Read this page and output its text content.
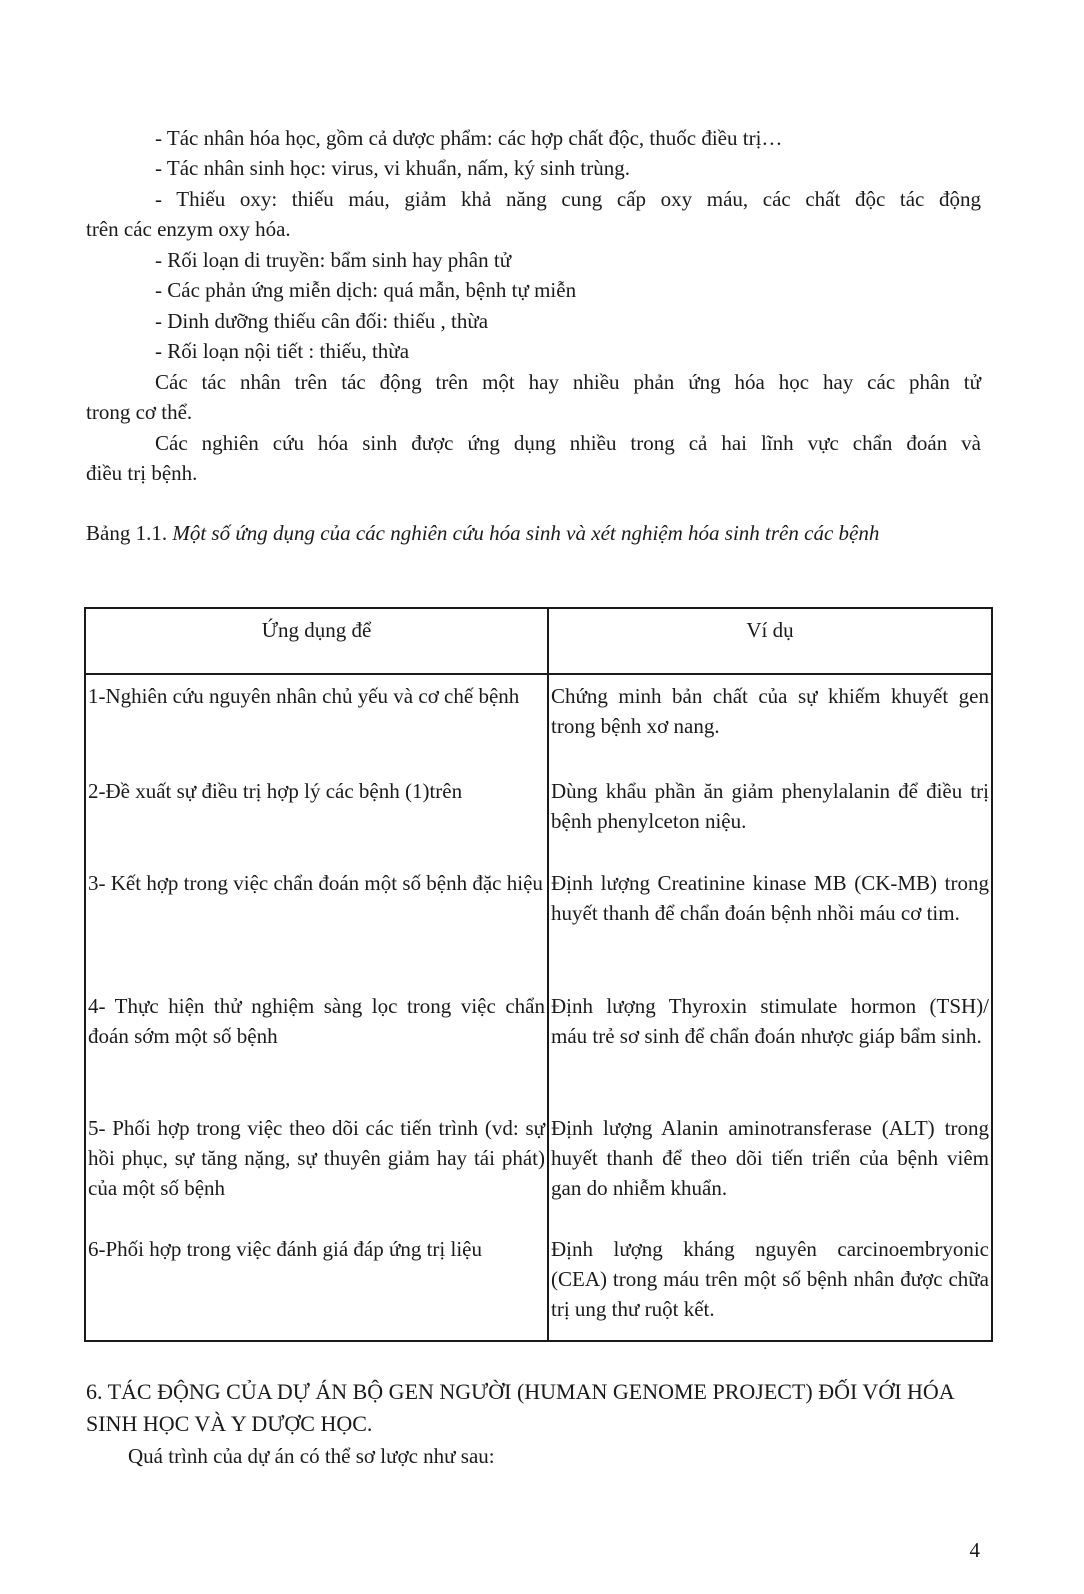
- Tác nhân hóa học, gồm cả dược phẩm: các hợp chất độc, thuốc điều trị…
- Tác nhân sinh học: virus, vi khuẩn, nấm, ký sinh trùng.
- Thiếu oxy: thiếu máu, giảm khả năng cung cấp oxy máu, các chất độc tác động
trên các enzym oxy hóa.
- Rối loạn di truyền: bẩm sinh hay phân tử
- Các phản ứng miễn dịch: quá mẫn, bệnh tự miễn
- Dinh dưỡng thiếu cân đối: thiếu , thừa
- Rối loạn nội tiết : thiếu, thừa
Các tác nhân trên tác động trên một hay nhiều phản ứng hóa học hay các phân tử
trong cơ thể.
Các nghiên cứu hóa sinh được ứng dụng nhiều trong cả hai lĩnh vực chẩn đoán và
điều trị bệnh.
Bảng 1.1. Một số ứng dụng của các nghiên cứu hóa sinh và xét nghiệm hóa sinh trên các bệnh
Ứng dụng để	Ví dụ
1-Nghiên cứu nguyên nhân chủ yếu và cơ chế bệnh	Chứng minh bản chất của sự khiếm khuyết gen trong bệnh xơ nang.
2-Đề xuất sự điều trị hợp lý các bệnh (1)trên	Dùng khẩu phần ăn giảm phenylalanin để điều trị bệnh phenylceton niệu.
3- Kết hợp trong việc chẩn đoán một số bệnh đặc hiệu	Định lượng Creatinine kinase MB (CK-MB) trong huyết thanh để chẩn đoán bệnh nhồi máu cơ tim.
4- Thực hiện thử nghiệm sàng lọc trong việc chẩn đoán sớm một số bệnh	Định lượng Thyroxin stimulate hormon (TSH)/ máu trẻ sơ sinh để chẩn đoán nhược giáp bẩm sinh.
5- Phối hợp trong việc theo dõi các tiến trình (vd: sự hồi phục, sự tăng nặng, sự thuyên giảm hay tái phát) của một số bệnh	Định lượng Alanin aminotransferase (ALT) trong huyết thanh để theo dõi tiến triển của bệnh viêm gan do nhiễm khuẩn.
6-Phối hợp trong việc đánh giá đáp ứng trị liệu	Định lượng kháng nguyên carcinoembryonic (CEA) trong máu trên một số bệnh nhân được chữa trị ung thư ruột kết.
6. TÁC ĐỘNG CỦA DỰ ÁN BỘ GEN NGƯỜI (HUMAN GENOME PROJECT) ĐỐI VỚI HÓA SINH HỌC VÀ Y DƯỢC HỌC.
Quá trình của dự án có thể sơ lược như sau:
4
